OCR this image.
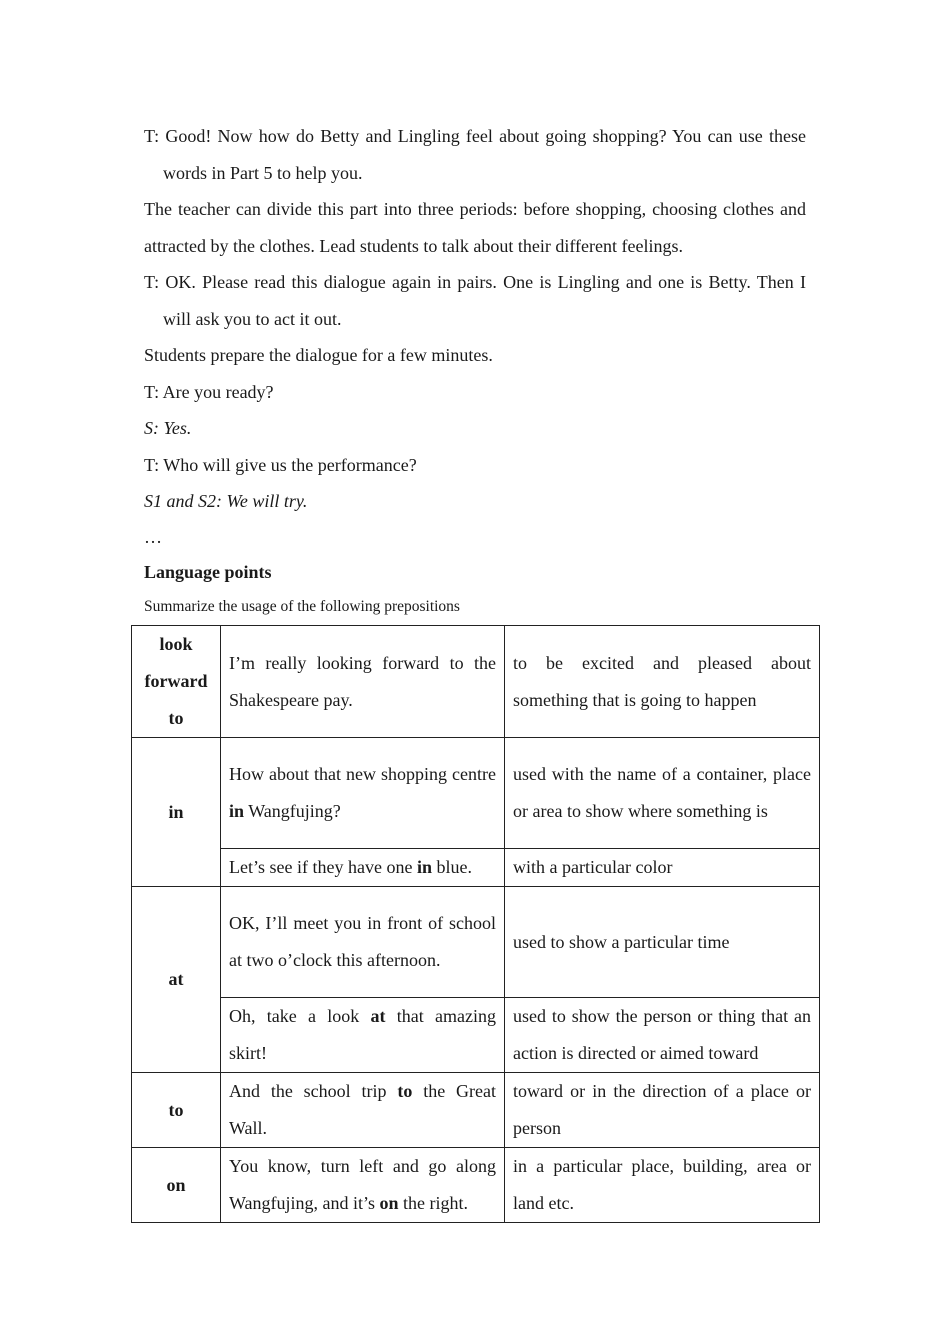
T: Good! Now how do Betty and Lingling feel about going shopping? You can use these words in Part 5 to help you.

The teacher can divide this part into three periods: before shopping, choosing clothes and attracted by the clothes. Lead students to talk about their different feelings.

T: OK. Please read this dialogue again in pairs. One is Lingling and one is Betty. Then I will ask you to act it out.

Students prepare the dialogue for a few minutes.

T: Are you ready?

S: Yes.

T: Who will give us the performance?

S1 and S2: We will try.

…

Language points

Summarize the usage of the following prepositions

look forward to	I’m really looking forward to the Shakespeare pay.	to be excited and pleased about something that is going to happen
in	How about that new shopping centre in Wangfujing?	used with the name of a container, place or area to show where something is
	Let’s see if they have one in blue.	with a particular color
at	OK, I’ll meet you in front of school at two o’clock this afternoon.	used to show a particular time
	Oh, take a look at that amazing skirt!	used to show the person or thing that an action is directed or aimed toward
to	And the school trip to the Great Wall.	toward or in the direction of a place or person
on	You know, turn left and go along Wangfujing, and it’s on the right.	in a particular place, building, area or land etc.
